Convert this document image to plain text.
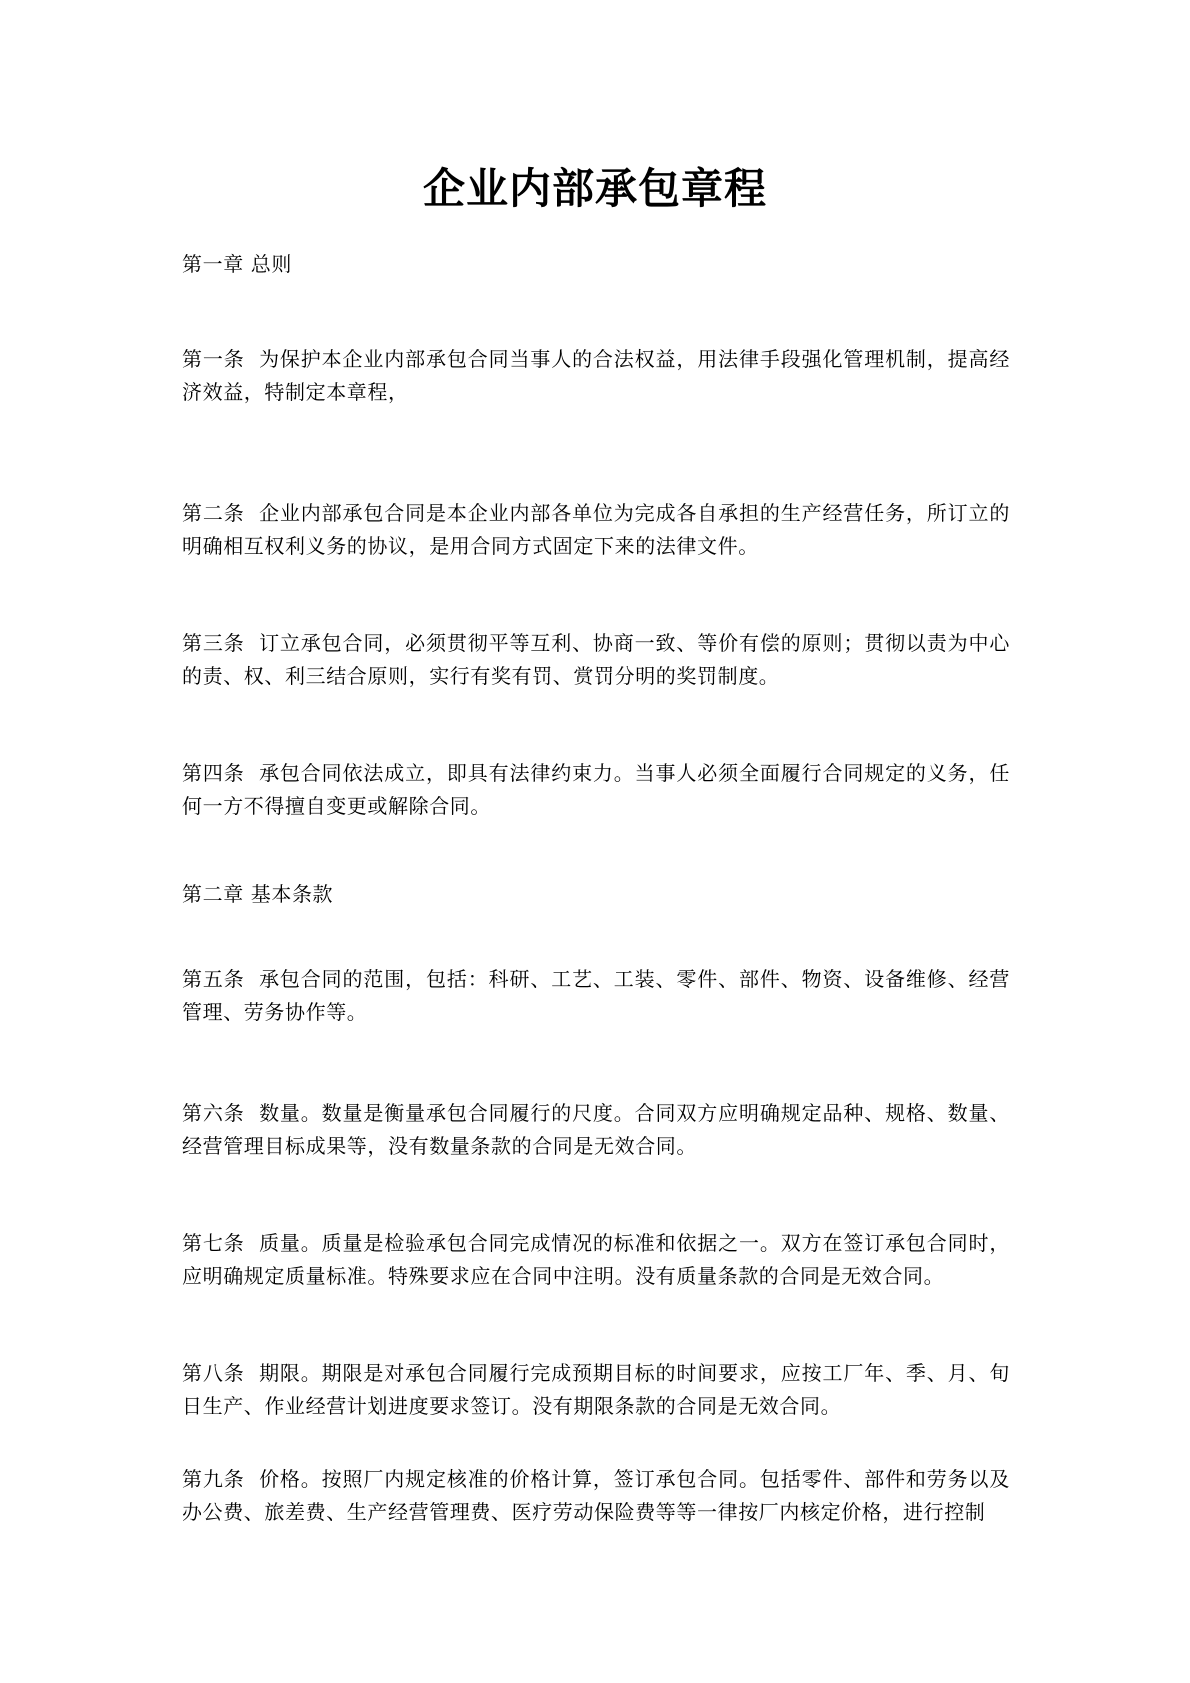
企业内部承包章程

第一章 总则

第一条  为保护本企业内部承包合同当事人的合法权益，用法律手段强化管理机制，提高经济效益，特制定本章程，

第二条  企业内部承包合同是本企业内部各单位为完成各自承担的生产经营任务，所订立的明确相互权利义务的协议，是用合同方式固定下来的法律文件。

第三条  订立承包合同，必须贯彻平等互利、协商一致、等价有偿的原则；贯彻以责为中心的责、权、利三结合原则，实行有奖有罚、赏罚分明的奖罚制度。

第四条  承包合同依法成立，即具有法律约束力。当事人必须全面履行合同规定的义务，任何一方不得擅自变更或解除合同。

第二章 基本条款

第五条  承包合同的范围，包括：科研、工艺、工装、零件、部件、物资、设备维修、经营管理、劳务协作等。

第六条  数量。数量是衡量承包合同履行的尺度。合同双方应明确规定品种、规格、数量、经营管理目标成果等，没有数量条款的合同是无效合同。

第七条  质量。质量是检验承包合同完成情况的标准和依据之一。双方在签订承包合同时，应明确规定质量标准。特殊要求应在合同中注明。没有质量条款的合同是无效合同。

第八条  期限。期限是对承包合同履行完成预期目标的时间要求，应按工厂年、季、月、旬日生产、作业经营计划进度要求签订。没有期限条款的合同是无效合同。

第九条  价格。按照厂内规定核准的价格计算，签订承包合同。包括零件、部件和劳务以及办公费、旅差费、生产经营管理费、医疗劳动保险费等等一律按厂内核定价格，进行控制
